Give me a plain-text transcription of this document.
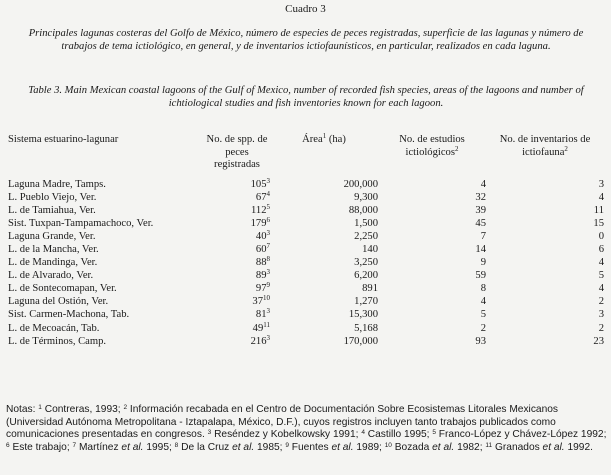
Cuadro 3
Principales lagunas costeras del Golfo de México, número de especies de peces registradas, superficie de las lagunas y número de trabajos de tema ictiológico, en general, y de inventarios ictiofaunísticos, en particular, realizados en cada laguna.
Table 3. Main Mexican coastal lagoons of the Gulf of Mexico, number of recorded fish species, areas of the lagoons and number of ichtiological studies and fish inventories known for each lagoon.
Sistema estuarino-lagunar	No. de spp. de peces registradas	Área$^1$ (ha)	No. de estudios ictiológicos$^2$	No. de inventarios de ictiofauna$^2$
Laguna Madre, Tamps.	$105^3$	200,000	4	3
L. Pueblo Viejo, Ver.	$67^4$	9,300	32	4
L. de Tamiahua, Ver.	$112^5$	88,000	39	11
Sist. Tuxpan-Tampamachoco, Ver.	$179^6$	1,500	45	15
Laguna Grande, Ver.	$40^3$	2,250	7	0
L. de la Mancha, Ver.	$60^7$	140	14	6
L. de Mandinga, Ver.	$88^8$	3,250	9	4
L. de Alvarado, Ver.	$89^3$	6,200	59	5
L. de Sontecomapan, Ver.	$97^9$	891	8	4
Laguna del Ostión, Ver.	$37^{10}$	1,270	4	2
Sist. Carmen-Machona, Tab.	$81^3$	15,300	5	3
L. de Mecoacán, Tab.	$49^{11}$	5,168	2	2
L. de Términos, Camp.	$216^3$	170,000	93	23
Notas: $^1$ Contreras, 1993; $^2$ Información recabada en el Centro de Documentación Sobre Ecosistemas Litorales Mexicanos (Universidad Autónoma Metropolitana - Iztapalapa, México, D.F.), cuyos registros incluyen tanto trabajos publicados como comunicaciones presentadas en congresos. $^3$ Reséndez y Kobelkowsky 1991; $^4$ Castillo 1995; $^5$ Franco-López y Chávez-López 1992; $^6$ Este trabajo; $^7$ Martínez et al. 1995; $^8$ De la Cruz et al. 1985; $^9$ Fuentes et al. 1989; $^{10}$ Bozada et al. 1982; $^{11}$ Granados et al. 1992.
